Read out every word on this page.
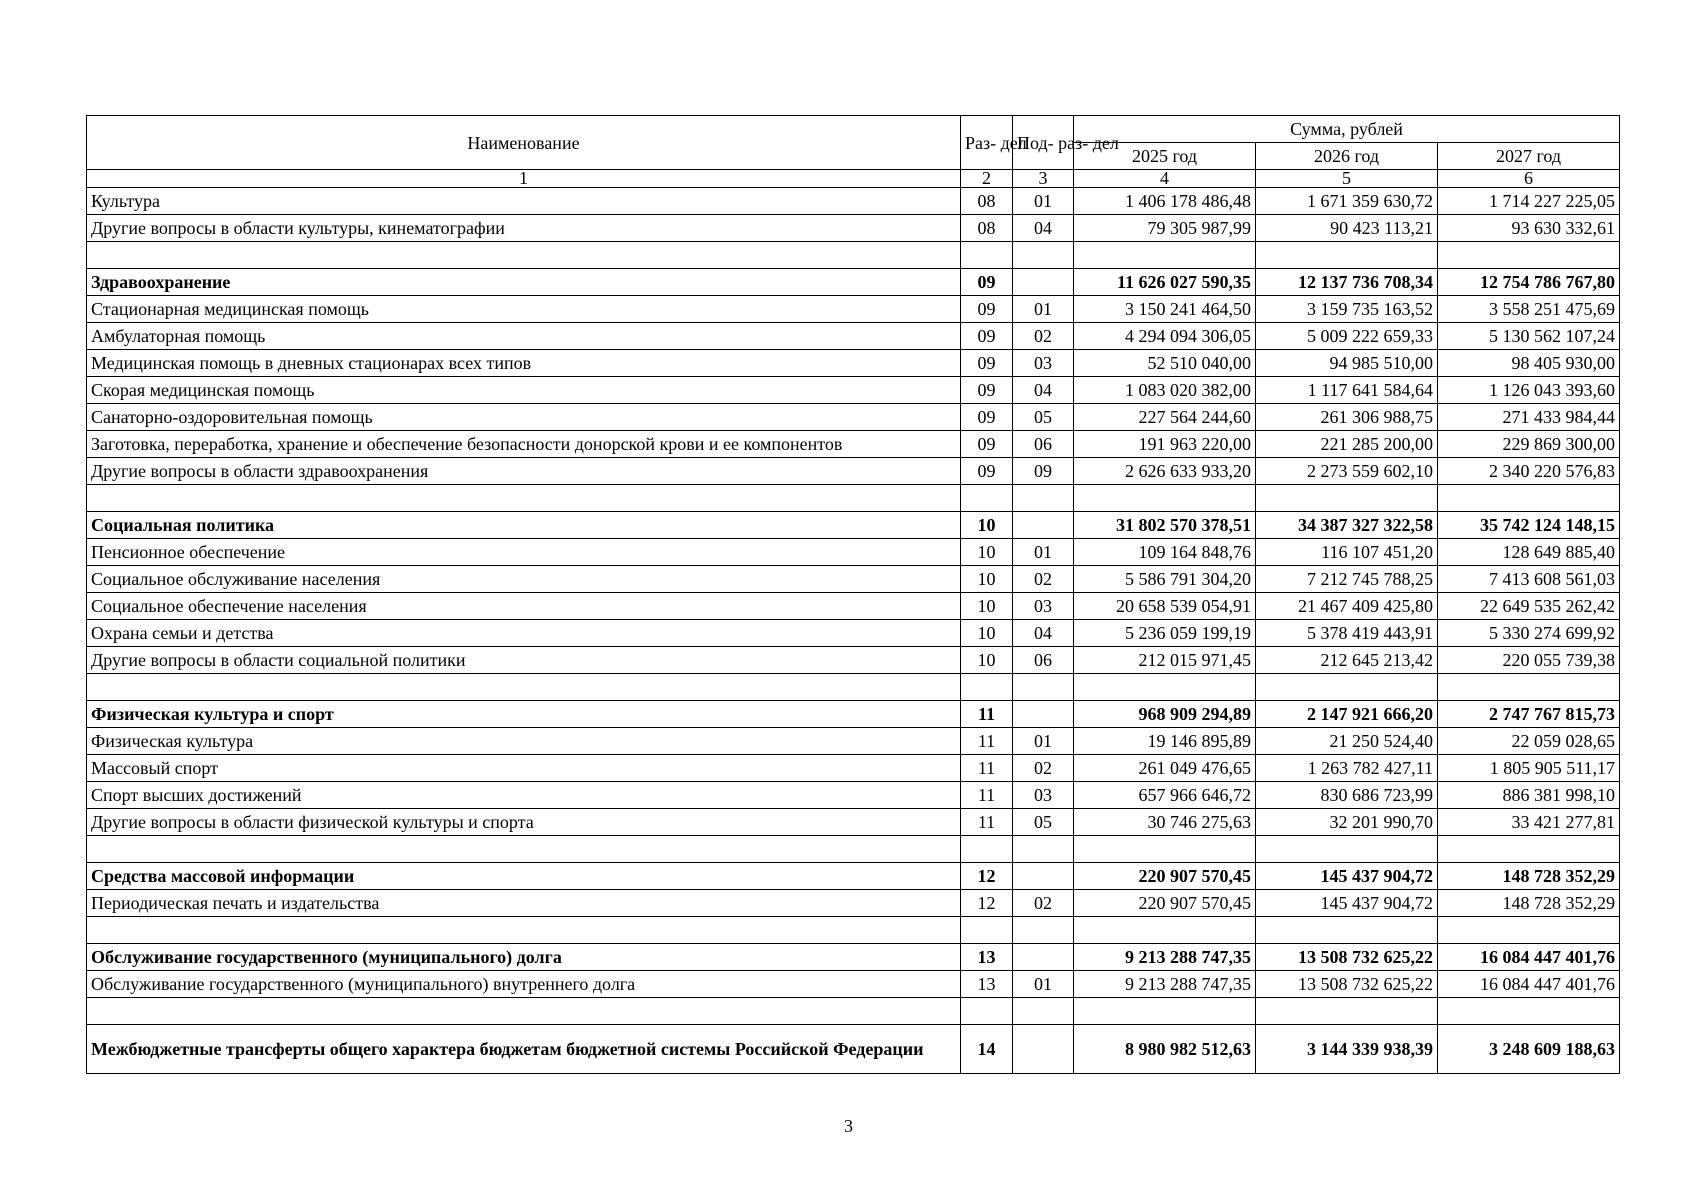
Наименование	Раз- дел	Под- раз- дел	Сумма, рублей		
			2025 год	2026 год	2027 год
1	2	3	4	5	6
Культура	08	01	1 406 178 486,48	1 671 359 630,72	1 714 227 225,05
Другие вопросы в области культуры, кинематографии	08	04	79 305 987,99	90 423 113,21	93 630 332,61

Здравоохранение	09		11 626 027 590,35	12 137 736 708,34	12 754 786 767,80
Стационарная медицинская помощь	09	01	3 150 241 464,50	3 159 735 163,52	3 558 251 475,69
Амбулаторная помощь	09	02	4 294 094 306,05	5 009 222 659,33	5 130 562 107,24
Медицинская помощь в дневных стационарах всех типов	09	03	52 510 040,00	94 985 510,00	98 405 930,00
Скорая медицинская помощь	09	04	1 083 020 382,00	1 117 641 584,64	1 126 043 393,60
Санаторно-оздоровительная помощь	09	05	227 564 244,60	261 306 988,75	271 433 984,44
Заготовка, переработка, хранение и обеспечение безопасности донорской крови и ее компонентов	09	06	191 963 220,00	221 285 200,00	229 869 300,00
Другие вопросы в области здравоохранения	09	09	2 626 633 933,20	2 273 559 602,10	2 340 220 576,83

Социальная политика	10		31 802 570 378,51	34 387 327 322,58	35 742 124 148,15
Пенсионное обеспечение	10	01	109 164 848,76	116 107 451,20	128 649 885,40
Социальное обслуживание населения	10	02	5 586 791 304,20	7 212 745 788,25	7 413 608 561,03
Социальное обеспечение населения	10	03	20 658 539 054,91	21 467 409 425,80	22 649 535 262,42
Охрана семьи и детства	10	04	5 236 059 199,19	5 378 419 443,91	5 330 274 699,92
Другие вопросы в области социальной политики	10	06	212 015 971,45	212 645 213,42	220 055 739,38

Физическая культура и спорт	11		968 909 294,89	2 147 921 666,20	2 747 767 815,73
Физическая культура	11	01	19 146 895,89	21 250 524,40	22 059 028,65
Массовый спорт	11	02	261 049 476,65	1 263 782 427,11	1 805 905 511,17
Спорт высших достижений	11	03	657 966 646,72	830 686 723,99	886 381 998,10
Другие вопросы в области физической культуры и спорта	11	05	30 746 275,63	32 201 990,70	33 421 277,81

Средства массовой информации	12		220 907 570,45	145 437 904,72	148 728 352,29
Периодическая печать и издательства	12	02	220 907 570,45	145 437 904,72	148 728 352,29

Обслуживание государственного (муниципального) долга	13		9 213 288 747,35	13 508 732 625,22	16 084 447 401,76
Обслуживание государственного (муниципального) внутреннего долга	13	01	9 213 288 747,35	13 508 732 625,22	16 084 447 401,76

Межбюджетные трансферты общего характера бюджетам бюджетной системы Российской Федерации	14		8 980 982 512,63	3 144 339 938,39	3 248 609 188,63
3
